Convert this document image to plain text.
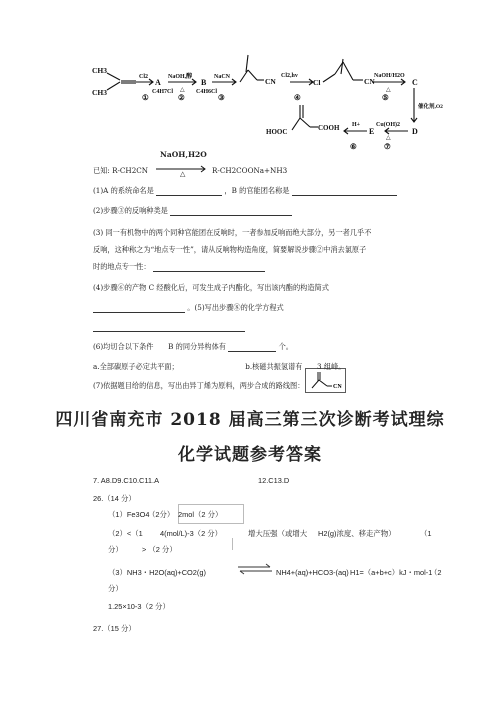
CH3
CH3
Cl2
①
A
NaOH,醇
△
C4H7Cl
②
B
C4H6Cl
NaCN
③
CN
Cl2,hv
④
Cl	CN
NaOH/H2O
△
⑤
C
催化剂,O2
D
Cu(OH)2
△
⑦
E
H+
⑥
HOOC	COOH
已知: R-CH2CN
NaOH,H2O
△	R-CH2COONa+NH3
(1)A 的系统命名是	，B 的官能团名称是
(2)步骤③的反响种类是
(3) 同一有机物中的两个同种官能团在反响时，一者参加反响而绝大部分，另一者几乎不
反响，这种称之为“地点专一性”，请从反响物构造角度，简要解说步骤②中消去氯原子
时的地点专一性：
(4)步骤⑥的产物 C 经酸化后，可发生成子内酯化，写出该内酯的构造简式
。(5)写出步骤⑧的化学方程式
(6)均切合以下条件 B 的同分异构体有	个。
a.全部碳原子必定共平面；	b.核磁共振氢谱有 3 组峰。
(7)依据题目给的信息，写出由异丁烯为原料，两步合成的路线图：	CN
四川省南充市 2018 届高三第三次诊断考试理综
化学试题参考答案
7. A8.D9.C10.C11.A	12.C13.D
26.（14 分）
（1）Fe3O4
（2分） 2mol（2 分）
（2）<（1 4(mol/L)-3（2 分）	增大压强（或增大 H2(g)浓度、移走产物）	（1
分）	> （2 分）
（3）NH3・H2O(aq)+CO2(g) ⇌ NH4+(aq)+HCO3-(aq) H1=（a+b+c）kJ・mol-1
（2
分）
1.25×10-3（2 分）
27.（15 分）
